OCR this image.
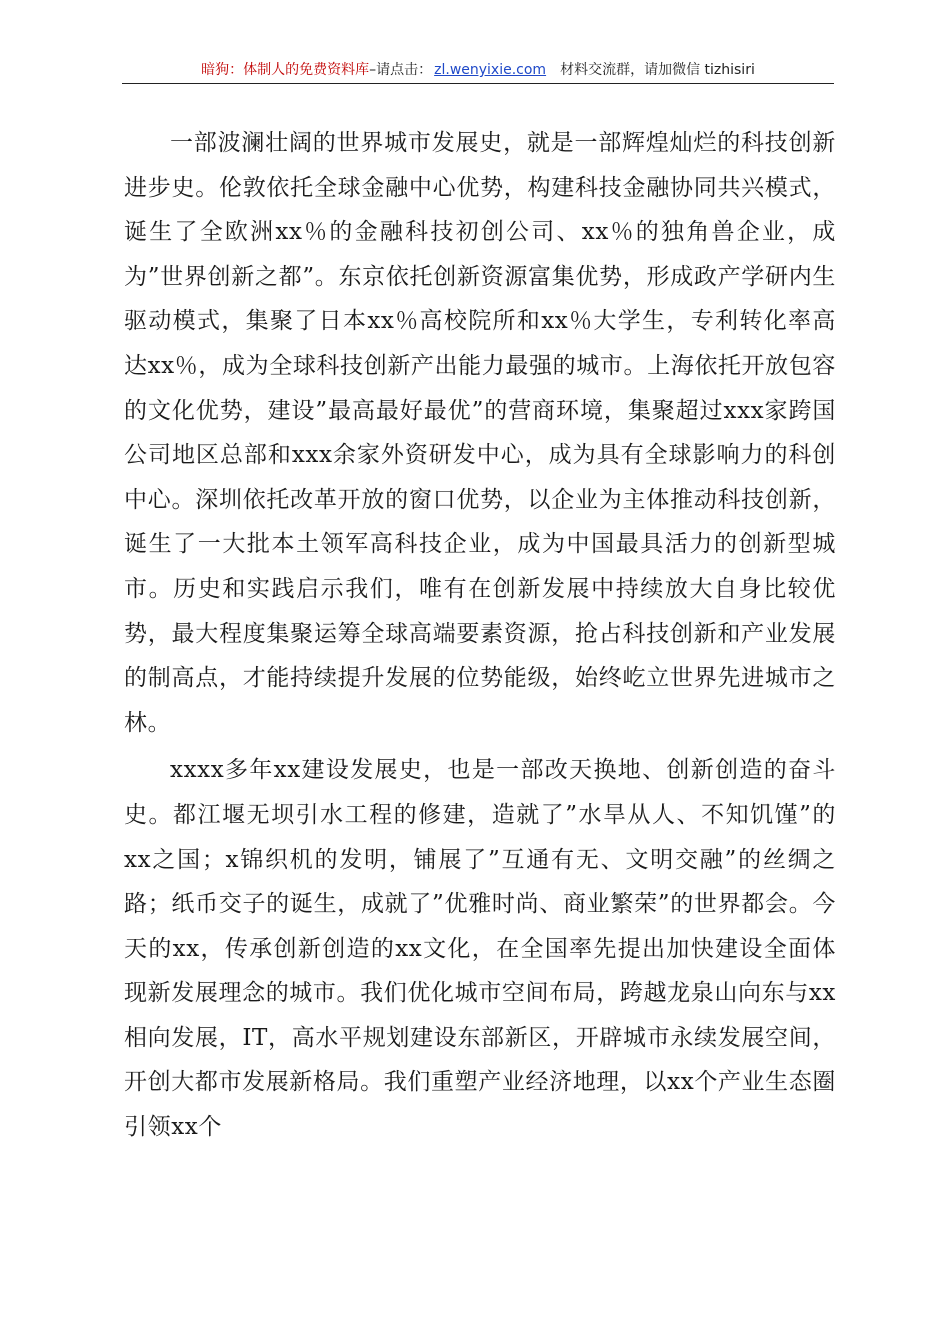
暗狗：体制人的免费资料库–请点击： zl.wenyixie.com 材料交流群，请加微信 tizhisiri

一部波澜壮阔的世界城市发展史，就是一部辉煌灿烂的科技创新进步史。伦敦依托全球金融中心优势，构建科技金融协同共兴模式，诞生了全欧洲xx％的金融科技初创公司、xx％的独角兽企业，成为”世界创新之都”。东京依托创新资源富集优势，形成政产学研内生驱动模式，集聚了日本xx％高校院所和xx％大学生，专利转化率高达xx％，成为全球科技创新产出能力最强的城市。上海依托开放包容的文化优势，建设”最高最好最优”的营商环境，集聚超过xxx家跨国公司地区总部和xxx余家外资研发中心，成为具有全球影响力的科创中心。深圳依托改革开放的窗口优势，以企业为主体推动科技创新，诞生了一大批本土领军高科技企业，成为中国最具活力的创新型城市。历史和实践启示我们，唯有在创新发展中持续放大自身比较优势，最大程度集聚运筹全球高端要素资源，抢占科技创新和产业发展的制高点，才能持续提升发展的位势能级，始终屹立世界先进城市之林。

xxxx多年xx建设发展史，也是一部改天换地、创新创造的奋斗史。都江堰无坝引水工程的修建，造就了”水旱从人、不知饥馑”的xx之国；x锦织机的发明，铺展了”互通有无、文明交融”的丝绸之路；纸币交子的诞生，成就了”优雅时尚、商业繁荣”的世界都会。今天的xx，传承创新创造的xx文化，在全国率先提出加快建设全面体现新发展理念的城市。我们优化城市空间布局，跨越龙泉山向东与xx相向发展，IT，高水平规划建设东部新区，开辟城市永续发展空间，开创大都市发展新格局。我们重塑产业经济地理，以xx个产业生态圈引领xx个
